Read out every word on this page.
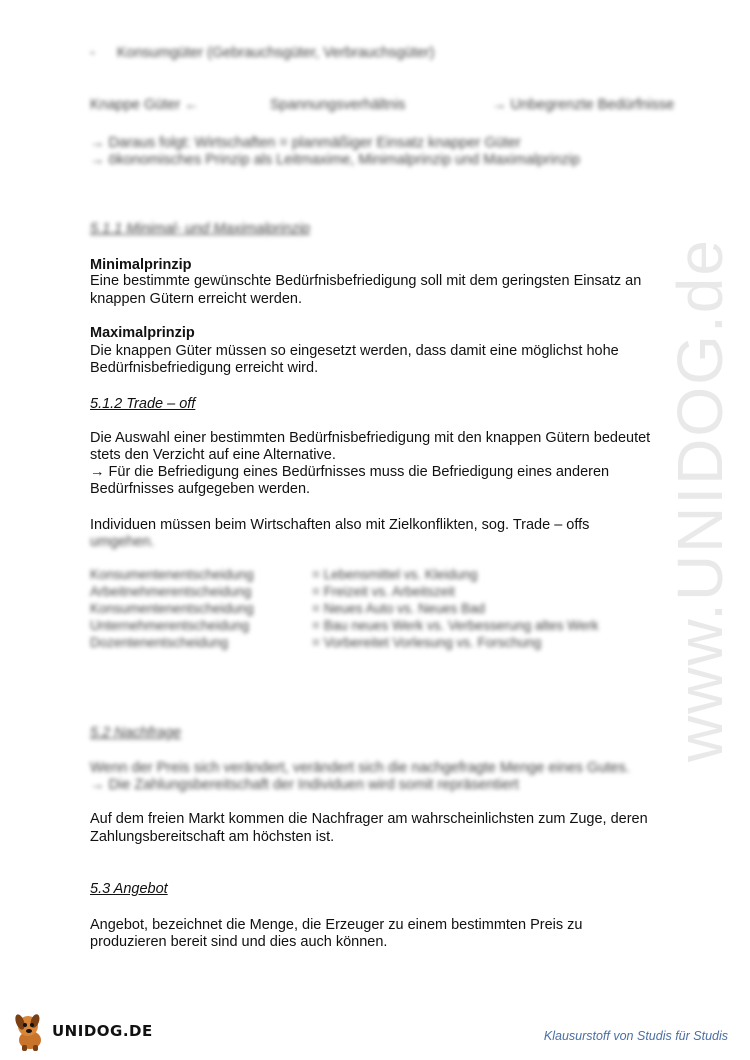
www.UNIDOG.de
- Konsumgüter (Gebrauchsgüter, Verbrauchsgüter)
Knappe Güter ←	Spannungsverhältnis	→ Unbegrenzte Bedürfnisse
→ Daraus folgt: Wirtschaften = planmäßiger Einsatz knapper Güter
→ ökonomisches Prinzip als Leitmaxime, Minimalprinzip und Maximalprinzip
5.1.1 Minimal- und Maximalprinzip
Minimalprinzip
Eine bestimmte gewünschte Bedürfnisbefriedigung soll mit dem geringsten Einsatz an
knappen Gütern erreicht werden.
Maximalprinzip
Die knappen Güter müssen so eingesetzt werden, dass damit eine möglichst hohe
Bedürfnisbefriedigung erreicht wird.
5.1.2 Trade – off
Die Auswahl einer bestimmten Bedürfnisbefriedigung mit den knappen Gütern bedeutet
stets den Verzicht auf eine Alternative.
→ Für die Befriedigung eines Bedürfnisses muss die Befriedigung eines anderen
Bedürfnisses aufgegeben werden.
Individuen müssen beim Wirtschaften also mit Zielkonflikten, sog. Trade – offs
umgehen.
Konsumentenentscheidung	= Lebensmittel vs. Kleidung
Arbeitnehmerentscheidung	= Freizeit vs. Arbeitszeit
Konsumentenentscheidung	= Neues Auto vs. Neues Bad
Unternehmerentscheidung	= Bau neues Werk vs. Verbesserung altes Werk
Dozentenentscheidung	= Vorbereitet Vorlesung vs. Forschung
5.2 Nachfrage
Wenn der Preis sich verändert, verändert sich die nachgefragte Menge eines Gutes.
→ Die Zahlungsbereitschaft der Individuen wird somit repräsentiert
Auf dem freien Markt kommen die Nachfrager am wahrscheinlichsten zum Zuge, deren
Zahlungsbereitschaft am höchsten ist.
5.3 Angebot
Angebot, bezeichnet die Menge, die Erzeuger zu einem bestimmten Preis zu
produzieren bereit sind und dies auch können.
UNIDOG.DE	Klausurstoff von Studis für Studis
